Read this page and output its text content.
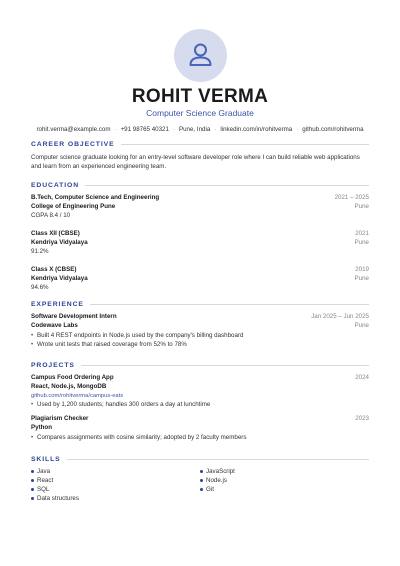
ROHIT VERMA
Computer Science Graduate
rohit.verma@example.com · +91 98765 40321 · Pune, India · linkedin.com/in/rohitverma · github.com/rohitverma
CAREER OBJECTIVE
Computer science graduate looking for an entry-level software developer role where I can build reliable web applications and learn from an experienced engineering team.
EDUCATION
B.Tech, Computer Science and Engineering	2021 – 2025
College of Engineering Pune	Pune
CGPA 8.4 / 10
Class XII (CBSE)	2021
Kendriya Vidyalaya	Pune
91.2%
Class X (CBSE)	2019
Kendriya Vidyalaya	Pune
94.6%
EXPERIENCE
Software Development Intern	Jan 2025 – Jun 2025
Codewave Labs	Pune
• Built 4 REST endpoints in Node.js used by the company's billing dashboard
• Wrote unit tests that raised coverage from 52% to 78%
PROJECTS
Campus Food Ordering App	2024
React, Node.js, MongoDB
github.com/rohitverma/campus-eats
• Used by 1,200 students; handles 300 orders a day at lunchtime
Plagiarism Checker	2023
Python
• Compares assignments with cosine similarity; adopted by 2 faculty members
SKILLS
Java	JavaScript
React	Node.js
SQL	Git
Data structures
